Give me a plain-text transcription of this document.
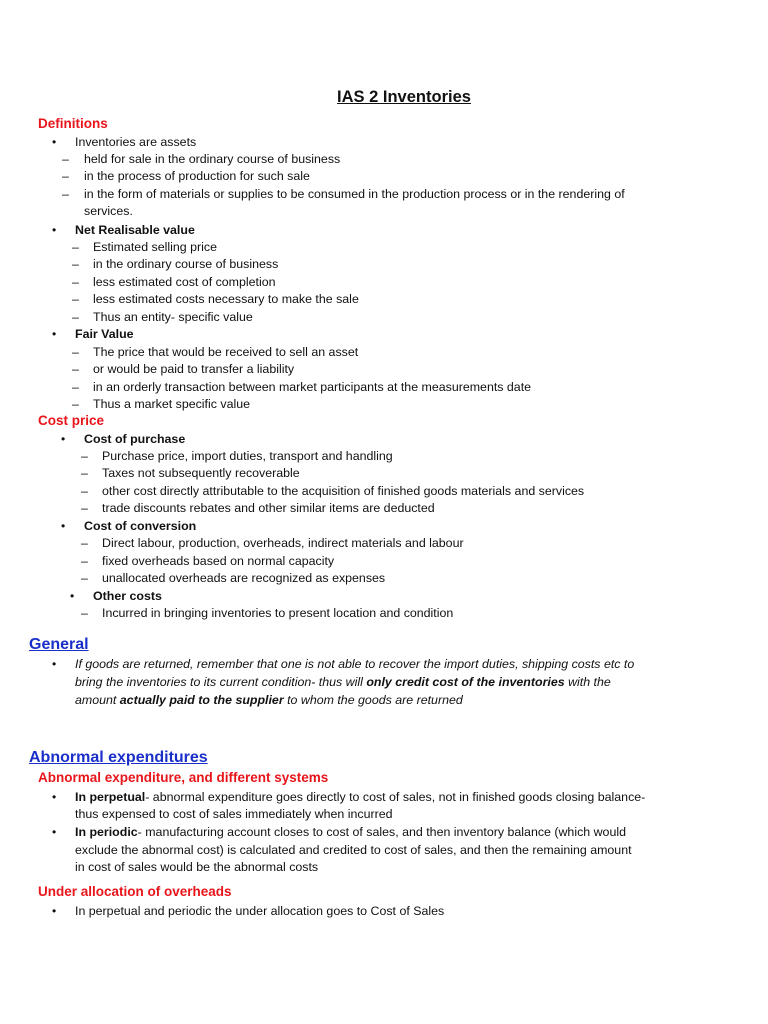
IAS 2 Inventories
Definitions
• Inventories are assets
– held for sale in the ordinary course of business
– in the process of production for such sale
– in the form of materials or supplies to be consumed in the production process or in the rendering of
services.
• Net Realisable value
– Estimated selling price
– in the ordinary course of business
– less estimated cost of completion
– less estimated costs necessary to make the sale
– Thus an entity- specific value
• Fair Value
– The price that would be received to sell an asset
– or would be paid to transfer a liability
– in an orderly transaction between market participants at the measurements date
– Thus a market specific value
Cost price
• Cost of purchase
– Purchase price, import duties, transport and handling
– Taxes not subsequently recoverable
– other cost directly attributable to the acquisition of finished goods materials and services
– trade discounts rebates and other similar items are deducted
• Cost of conversion
– Direct labour, production, overheads, indirect materials and labour
– fixed overheads based on normal capacity
– unallocated overheads are recognized as expenses
• Other costs
– Incurred in bringing inventories to present location and condition
General
• If goods are returned, remember that one is not able to recover the import duties, shipping costs etc to
bring the inventories to its current condition- thus will only credit cost of the inventories with the
amount actually paid to the supplier to whom the goods are returned
Abnormal expenditures
Abnormal expenditure, and different systems
• In perpetual- abnormal expenditure goes directly to cost of sales, not in finished goods closing balance-
thus expensed to cost of sales immediately when incurred
• In periodic- manufacturing account closes to cost of sales, and then inventory balance (which would
exclude the abnormal cost) is calculated and credited to cost of sales, and then the remaining amount
in cost of sales would be the abnormal costs
Under allocation of overheads
• In perpetual and periodic the under allocation goes to Cost of Sales
